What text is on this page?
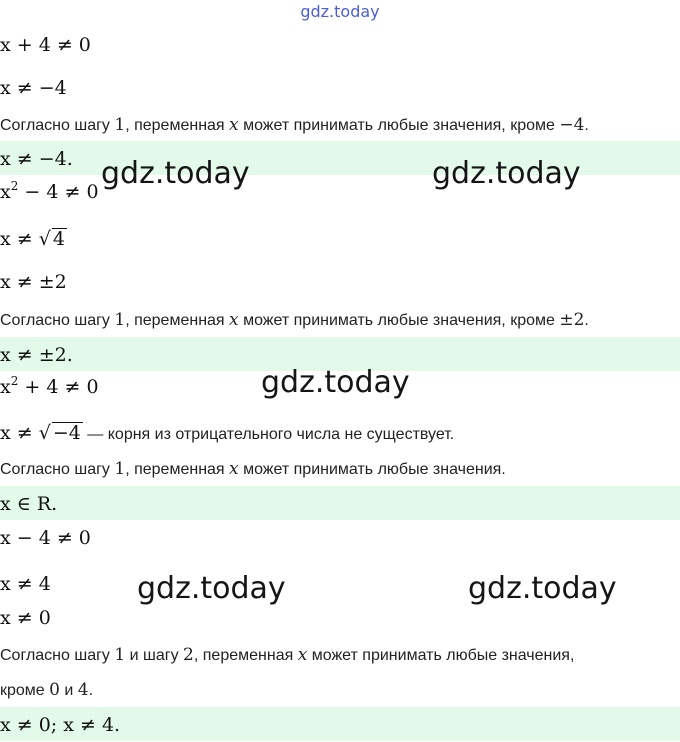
gdz.today
x + 4 ≠ 0
x ≠ −4
Согласно шагу 1, переменная x может принимать любые значения, кроме −4.
x ≠ −4.
$x^2 - 4 \ne 0$
x ≠ √ 4
x ≠ ±2
Согласно шагу 1, переменная x может принимать любые значения, кроме ±2.
x ≠ ±2.
$x^2 + 4 \ne 0$
x ≠ √ −4 — корня из отрицательного числа не существует.
Согласно шагу 1, переменная x может принимать любые значения.
x ∈ R.
x − 4 ≠ 0
x ≠ 4
x ≠ 0
Согласно шагу 1 и шагу 2, переменная x может принимать любые значения,
кроме 0 и 4.
x ≠ 0; x ≠ 4.
gdz.today	gdz.today
gdz.today
gdz.today	gdz.today
